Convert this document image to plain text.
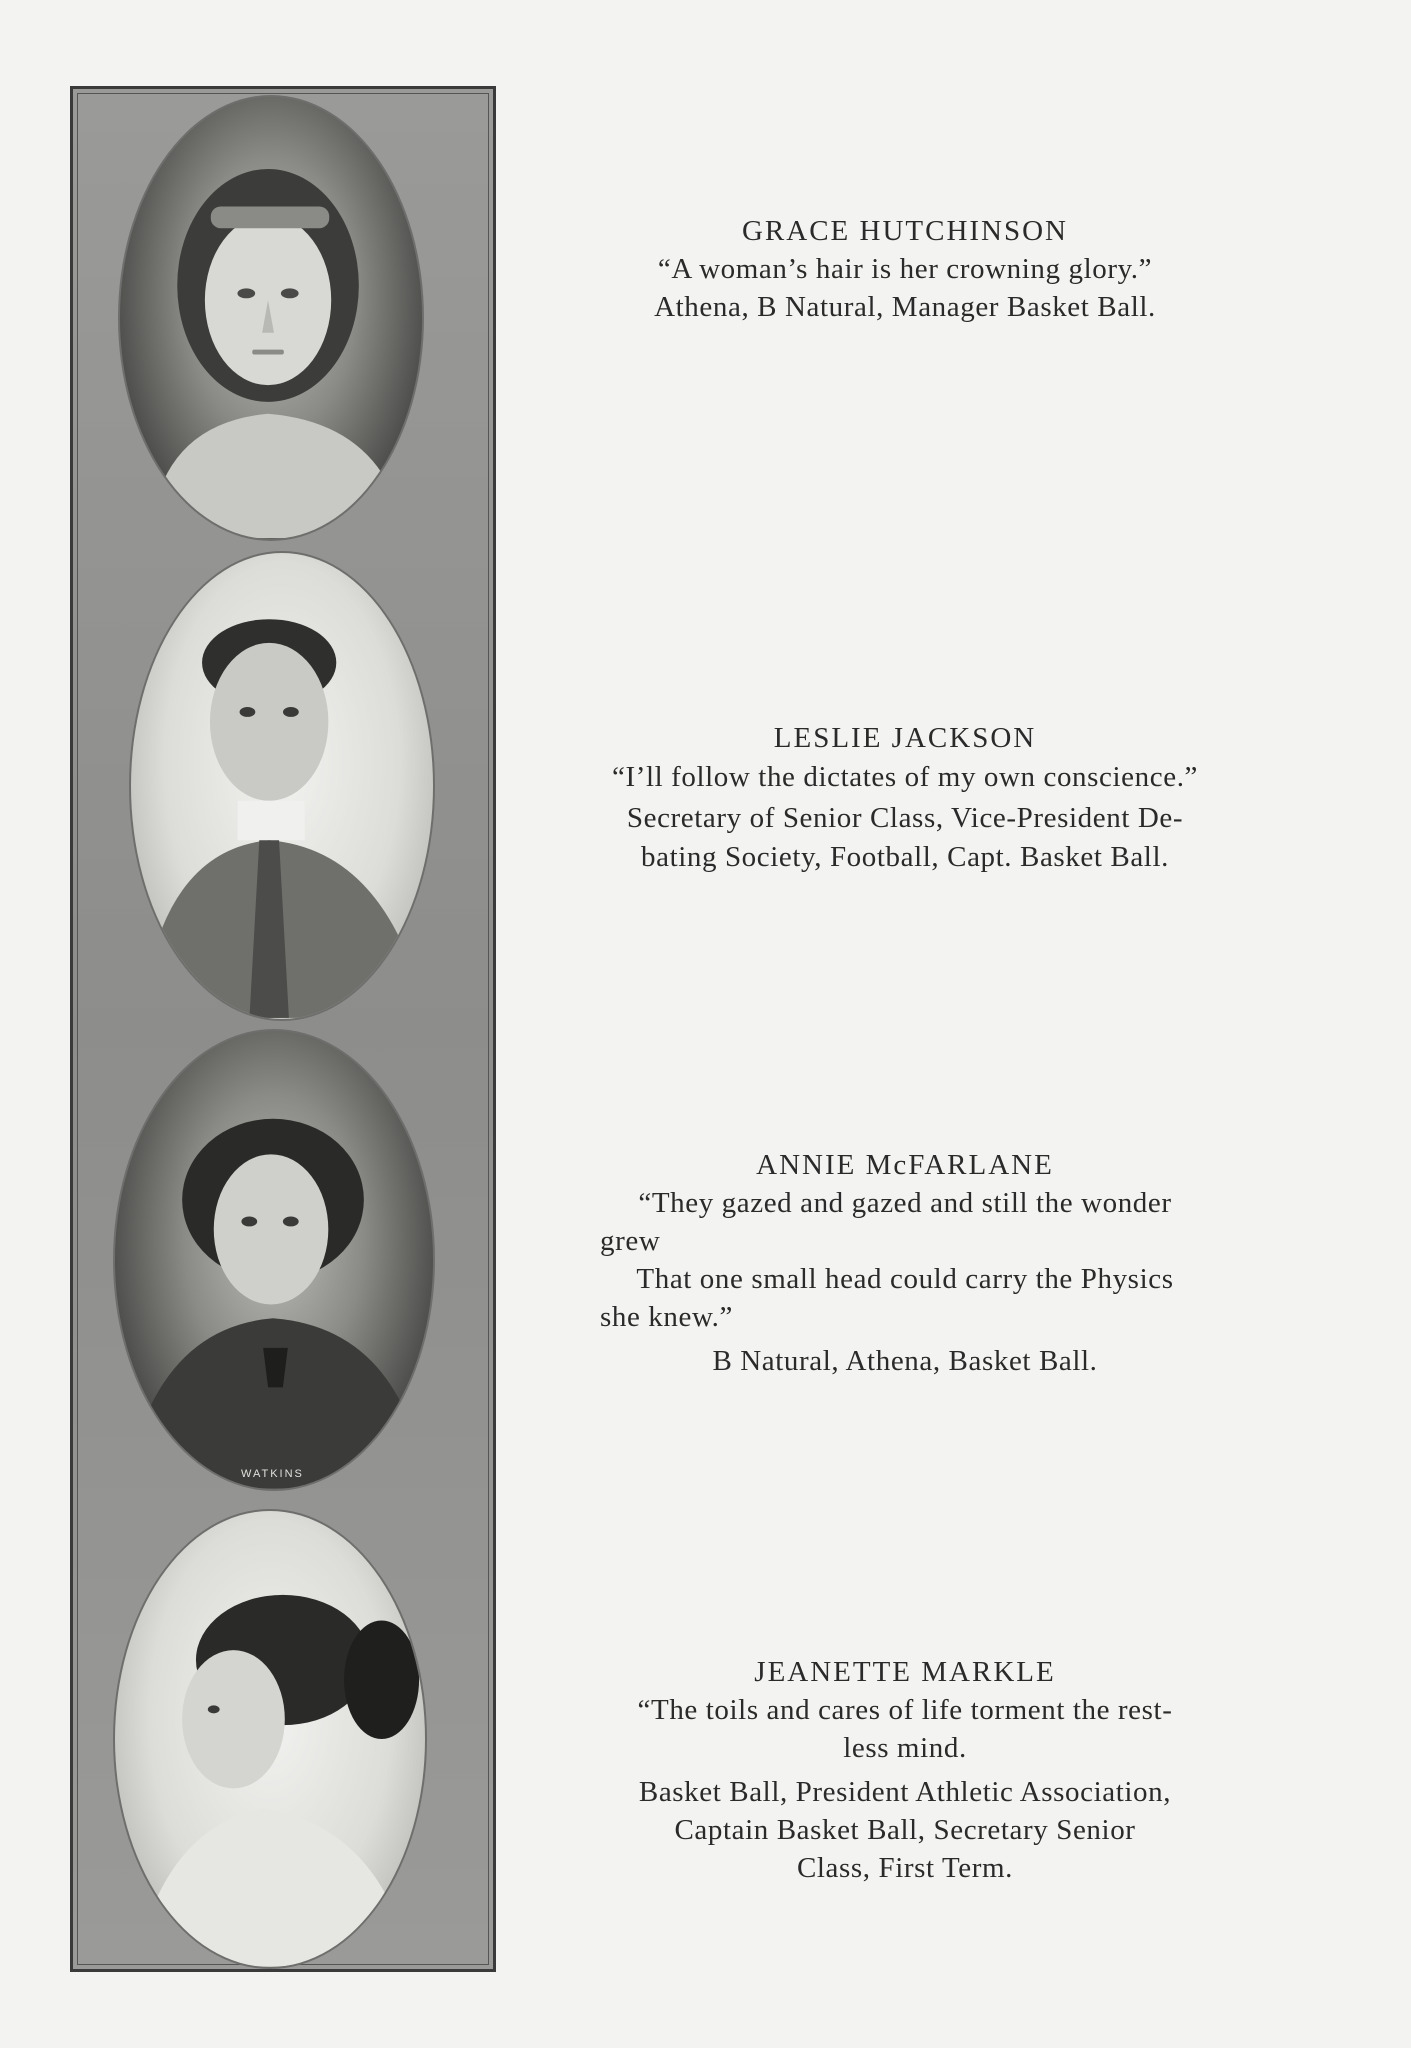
WATKINS
GRACE HUTCHINSON
“A woman’s hair is her crowning glory.”
Athena, B Natural, Manager Basket Ball.
LESLIE JACKSON
“I’ll follow the dictates of my own conscience.”
Secretary of Senior Class, Vice-President De-
bating Society, Football, Capt. Basket Ball.
ANNIE McFARLANE
“They gazed and gazed and still the wonder
grew
That one small head could carry the Physics
she knew.”
B Natural, Athena, Basket Ball.
JEANETTE MARKLE
“The toils and cares of life torment the rest-
less mind.
Basket Ball, President Athletic Association,
Captain Basket Ball, Secretary Senior
Class, First Term.
